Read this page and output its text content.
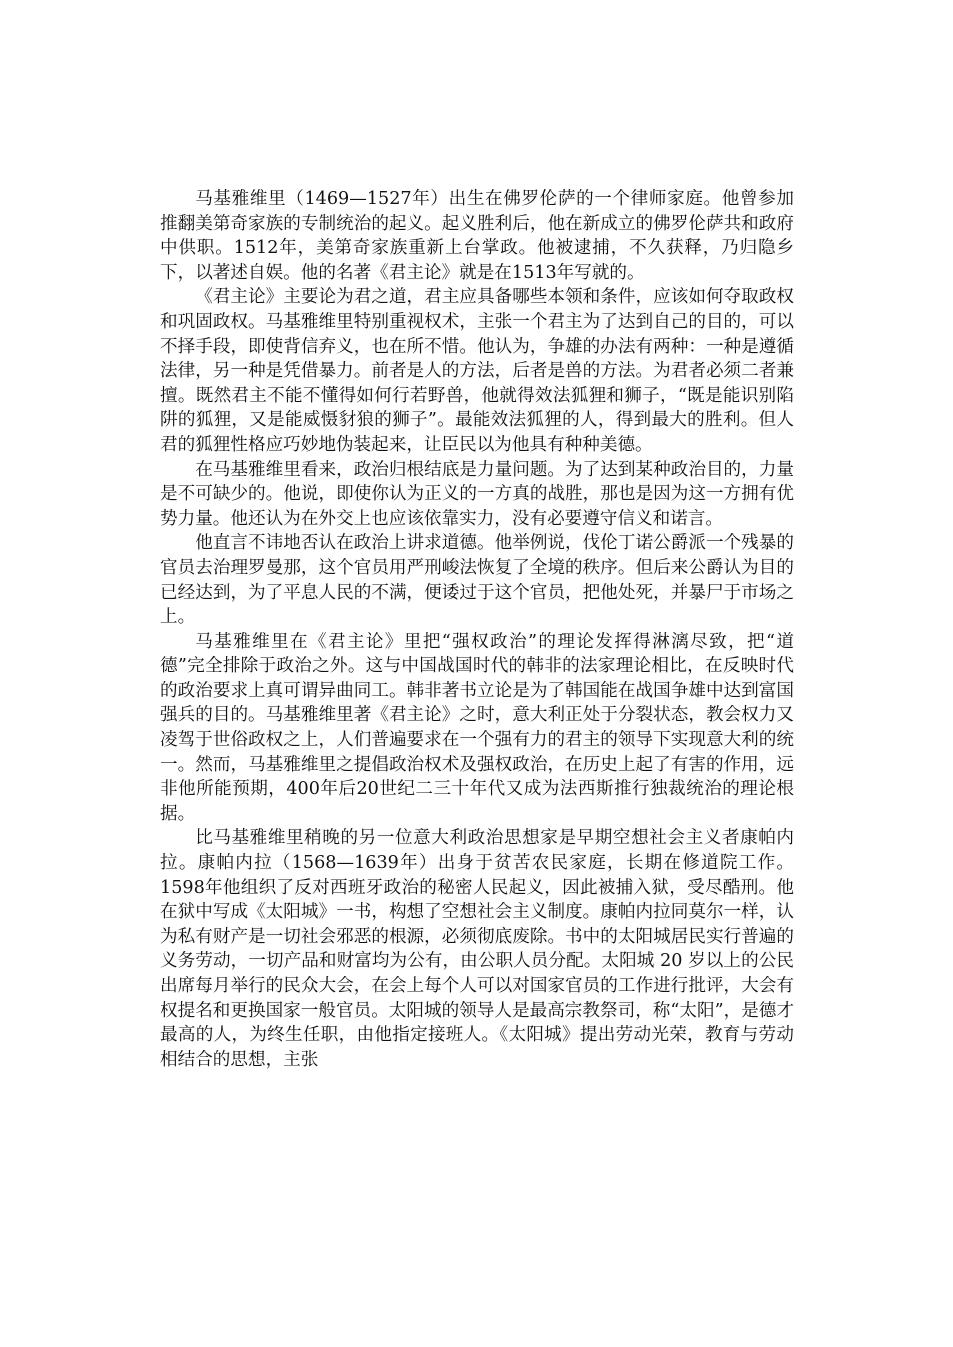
马基雅维里（1469—1527年）出生在佛罗伦萨的一个律师家庭。他曾参加推翻美第奇家族的专制统治的起义。起义胜利后，他在新成立的佛罗伦萨共和政府中供职。1512年，美第奇家族重新上台掌政。他被逮捕，不久获释，乃归隐乡下，以著述自娱。他的名著《君主论》就是在1513年写就的。

《君主论》主要论为君之道，君主应具备哪些本领和条件，应该如何夺取政权和巩固政权。马基雅维里特别重视权术，主张一个君主为了达到自己的目的，可以不择手段，即使背信弃义，也在所不惜。他认为，争雄的办法有两种：一种是遵循法律，另一种是凭借暴力。前者是人的方法，后者是兽的方法。为君者必须二者兼擅。既然君主不能不懂得如何行若野兽，他就得效法狐狸和狮子，“既是能识别陷阱的狐狸，又是能威慑豺狼的狮子”。最能效法狐狸的人，得到最大的胜利。但人君的狐狸性格应巧妙地伪装起来，让臣民以为他具有种种美德。

在马基雅维里看来，政治归根结底是力量问题。为了达到某种政治目的，力量是不可缺少的。他说，即使你认为正义的一方真的战胜，那也是因为这一方拥有优势力量。他还认为在外交上也应该依靠实力，没有必要遵守信义和诺言。

他直言不讳地否认在政治上讲求道德。他举例说，伐伦丁诺公爵派一个残暴的官员去治理罗曼那，这个官员用严刑峻法恢复了全境的秩序。但后来公爵认为目的已经达到，为了平息人民的不满，便诿过于这个官员，把他处死，并暴尸于市场之上。

马基雅维里在《君主论》里把“强权政治”的理论发挥得淋漓尽致，把“道德”完全排除于政治之外。这与中国战国时代的韩非的法家理论相比，在反映时代的政治要求上真可谓异曲同工。韩非著书立论是为了韩国能在战国争雄中达到富国强兵的目的。马基雅维里著《君主论》之时，意大利正处于分裂状态，教会权力又凌驾于世俗政权之上，人们普遍要求在一个强有力的君主的领导下实现意大利的统一。然而，马基雅维里之提倡政治权术及强权政治，在历史上起了有害的作用，远非他所能预期，400年后20世纪二三十年代又成为法西斯推行独裁统治的理论根据。

比马基雅维里稍晚的另一位意大利政治思想家是早期空想社会主义者康帕内拉。康帕内拉（1568—1639年）出身于贫苦农民家庭，长期在修道院工作。1598年他组织了反对西班牙政治的秘密人民起义，因此被捕入狱，受尽酷刑。他在狱中写成《太阳城》一书，构想了空想社会主义制度。康帕内拉同莫尔一样，认为私有财产是一切社会邪恶的根源，必须彻底废除。书中的太阳城居民实行普遍的义务劳动，一切产品和财富均为公有，由公职人员分配。太阳城 20 岁以上的公民出席每月举行的民众大会，在会上每个人可以对国家官员的工作进行批评，大会有权提名和更换国家一般官员。太阳城的领导人是最高宗教祭司，称“太阳”，是德才最高的人，为终生任职，由他指定接班人。《太阳城》提出劳动光荣，教育与劳动相结合的思想，主张
